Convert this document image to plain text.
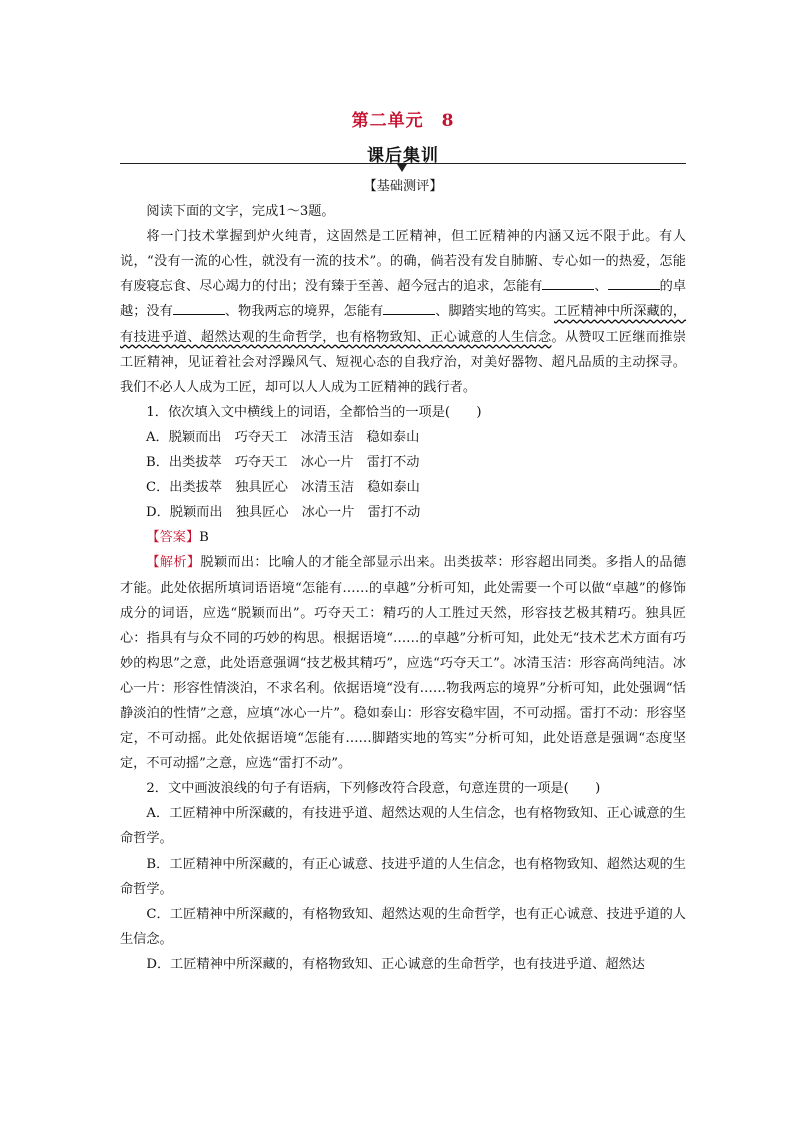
第二单元　8
课后集训

【基础测评】

阅读下面的文字，完成1～3题。

将一门技术掌握到炉火纯青，这固然是工匠精神，但工匠精神的内涵又远不限于此。有人说，“没有一流的心性，就没有一流的技术”。的确，倘若没有发自肺腑、专心如一的热爱，怎能有废寝忘食、尽心竭力的付出；没有臻于至善、超今冠古的追求，怎能有	、	的卓越；没有	、物我两忘的境界，怎能有	、脚踏实地的笃实。工匠精神中所深藏的，有技进乎道、超然达观的生命哲学，也有格物致知、正心诚意的人生信念。从赞叹工匠继而推崇工匠精神，见证着社会对浮躁风气、短视心态的自我疗治，对美好器物、超凡品质的主动探寻。我们不必人人成为工匠，却可以人人成为工匠精神的践行者。

1．依次填入文中横线上的词语，全都恰当的一项是(　　)

A．脱颖而出　巧夺天工　冰清玉洁　稳如泰山

B．出类拔萃　巧夺天工　冰心一片　雷打不动

C．出类拔萃　独具匠心　冰清玉洁　稳如泰山

D．脱颖而出　独具匠心　冰心一片　雷打不动

【答案】B

【解析】脱颖而出：比喻人的才能全部显示出来。出类拔萃：形容超出同类。多指人的品德才能。此处依据所填词语语境“怎能有……的卓越”分析可知，此处需要一个可以做“卓越”的修饰成分的词语，应选“脱颖而出”。巧夺天工：精巧的人工胜过天然，形容技艺极其精巧。独具匠心：指具有与众不同的巧妙的构思。根据语境“……的卓越”分析可知，此处无“技术艺术方面有巧妙的构思”之意，此处语意强调“技艺极其精巧”，应选“巧夺天工”。冰清玉洁：形容高尚纯洁。冰心一片：形容性情淡泊，不求名利。依据语境“没有……物我两忘的境界”分析可知，此处强调“恬静淡泊的性情”之意，应填“冰心一片”。稳如泰山：形容安稳牢固，不可动摇。雷打不动：形容坚定，不可动摇。此处依据语境“怎能有……脚踏实地的笃实”分析可知，此处语意是强调“态度坚定，不可动摇”之意，应选“雷打不动”。

2．文中画波浪线的句子有语病，下列修改符合段意，句意连贯的一项是(　　)

A．工匠精神中所深藏的，有技进乎道、超然达观的人生信念，也有格物致知、正心诚意的生命哲学。

B．工匠精神中所深藏的，有正心诚意、技进乎道的人生信念，也有格物致知、超然达观的生命哲学。

C．工匠精神中所深藏的，有格物致知、超然达观的生命哲学，也有正心诚意、技进乎道的人生信念。

D．工匠精神中所深藏的，有格物致知、正心诚意的生命哲学，也有技进乎道、超然达
